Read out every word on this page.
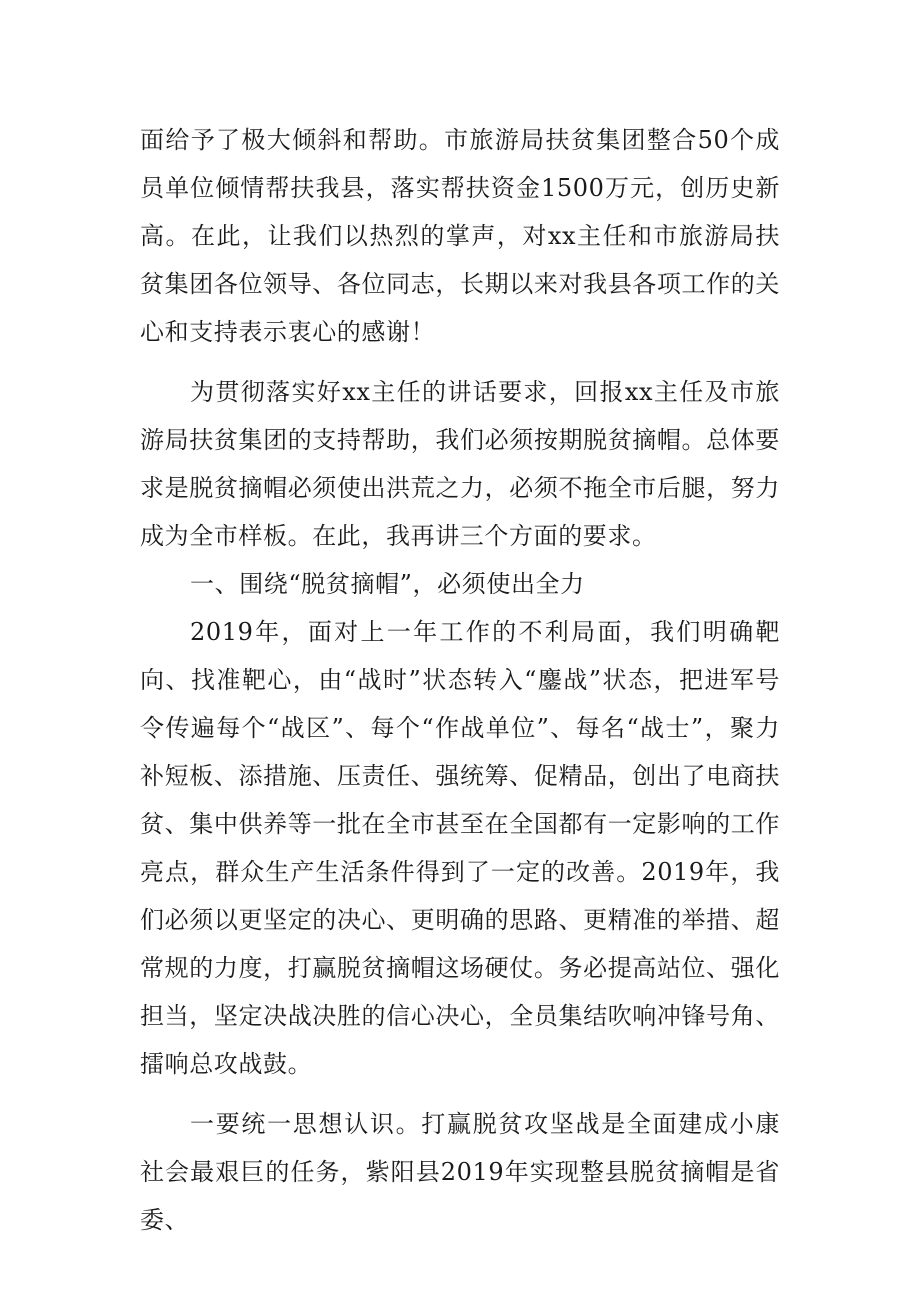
面给予了极大倾斜和帮助。市旅游局扶贫集团整合50个成员单位倾情帮扶我县，落实帮扶资金1500万元，创历史新高。在此，让我们以热烈的掌声，对xx主任和市旅游局扶贫集团各位领导、各位同志，长期以来对我县各项工作的关心和支持表示衷心的感谢！

为贯彻落实好xx主任的讲话要求，回报xx主任及市旅游局扶贫集团的支持帮助，我们必须按期脱贫摘帽。总体要求是脱贫摘帽必须使出洪荒之力，必须不拖全市后腿，努力成为全市样板。在此，我再讲三个方面的要求。

一、围绕“脱贫摘帽”，必须使出全力

2019年，面对上一年工作的不利局面，我们明确靶向、找准靶心，由“战时”状态转入“鏖战”状态，把进军号令传遍每个“战区”、每个“作战单位”、每名“战士”，聚力补短板、添措施、压责任、强统筹、促精品，创出了电商扶贫、集中供养等一批在全市甚至在全国都有一定影响的工作亮点，群众生产生活条件得到了一定的改善。2019年，我们必须以更坚定的决心、更明确的思路、更精准的举措、超常规的力度，打赢脱贫摘帽这场硬仗。务必提高站位、强化担当，坚定决战决胜的信心决心，全员集结吹响冲锋号角、擂响总攻战鼓。

一要统一思想认识。打赢脱贫攻坚战是全面建成小康社会最艰巨的任务，紫阳县2019年实现整县脱贫摘帽是省委、
